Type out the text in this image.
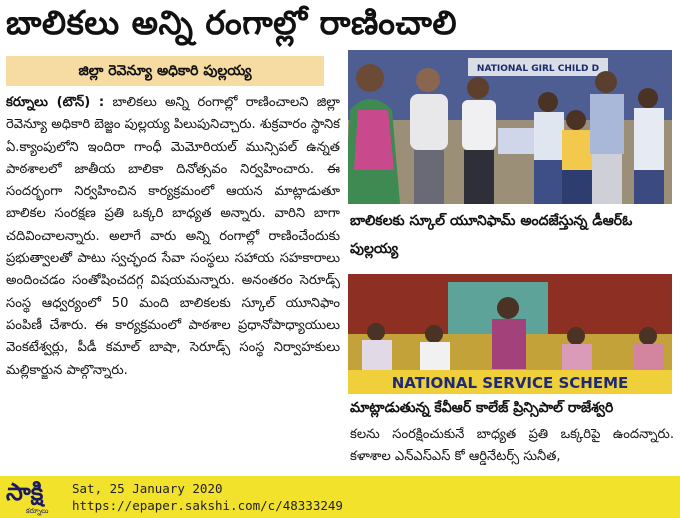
బాలికలు అన్ని రంగాల్లో రాణించాలి
జిల్లా రెవెన్యూ అధికారి పుల్లయ్య

కర్నూలు (టౌన్) : బాలికలు అన్ని రంగాల్లో రాణించాలని జిల్లా రెవెన్యూ అధికారి బెజ్జం పుల్లయ్య పిలుపునిచ్చారు. శుక్రవారం స్థానిక ఏ.క్యాంపులోని ఇందిరా గాంధీ మెమోరియల్ మున్సిపల్ ఉన్నత పాఠశాలలో జాతీయ బాలికా దినోత్సవం నిర్వహించారు. ఈ సందర్భంగా నిర్వహించిన కార్యక్రమంలో ఆయన మాట్లాడుతూ బాలికల సంరక్షణ ప్రతి ఒక్కరి బాధ్యత అన్నారు. వారిని బాగా చదివించాలన్నారు. అలాగే వారు అన్ని రంగాల్లో రాణించేందుకు ప్రభుత్వాలతో పాటు స్వచ్ఛంద సేవా సంస్థలు సహాయ సహకారాలు అందించడం సంతోషించదగ్గ విషయమన్నారు. అనంతరం సెరూడ్స్ సంస్థ ఆధ్వర్యంలో 50 మంది బాలికలకు స్కూల్ యూనిఫాం పంపిణీ చేశారు. ఈ కార్యక్రమంలో పాఠశాల ప్రధానోపాధ్యాయులు వెంకటేశ్వర్లు, పీడీ కమాల్ బాషా, సెరూడ్స్ సంస్థ నిర్వాహకులు మల్లికార్జున పాల్గొన్నారు.

NATIONAL GIRL CHILD D
బాలికలకు స్కూల్ యూనిఫామ్ అందజేస్తున్న డీఆర్ఓ పుల్లయ్య
NATIONAL SERVICE SCHEME
మాట్లాడుతున్న కేవీఆర్ కాలేజ్ ప్రిన్సిపాల్ రాజేశ్వరి

కలను సంరక్షించుకునే బాధ్యత ప్రతి ఒక్కరిపై ఉందన్నారు. కళాశాల ఎన్ఎస్ఎస్ కో ఆర్డినేటర్స్ సునీత,

సాక్షి
కర్నూలు
Sat, 25 January 2020
https://epaper.sakshi.com/c/48333249
